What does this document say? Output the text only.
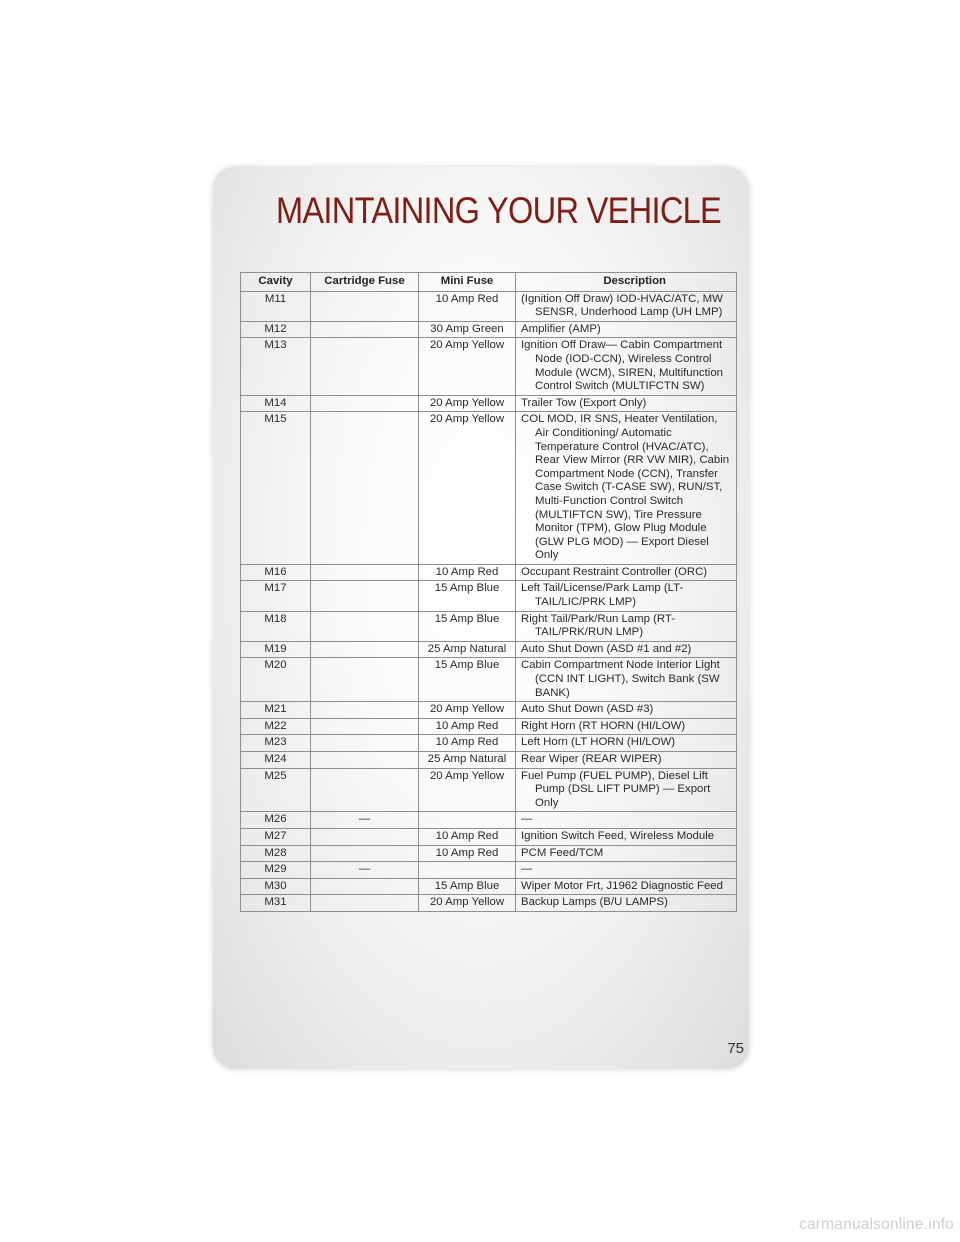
MAINTAINING YOUR VEHICLE
Cavity	Cartridge Fuse	Mini Fuse	Description
M11		10 Amp Red	(Ignition Off Draw) IOD-HVAC/ATC, MW SENSR, Underhood Lamp (UH LMP)

M12		30 Amp Green	Amplifier (AMP)

M13		20 Amp Yellow	Ignition Off Draw— Cabin Compartment Node (IOD-CCN), Wireless Control Module (WCM), SIREN, Multifunction Control Switch (MULTIFCTN SW)

M14		20 Amp Yellow	Trailer Tow (Export Only)

M15		20 Amp Yellow	COL MOD, IR SNS, Heater Ventilation, Air Conditioning/ Automatic Temperature Control (HVAC/ATC), Rear View Mirror (RR VW MIR), Cabin Compartment Node (CCN), Transfer Case Switch (T-CASE SW), RUN/ST, Multi-Function Control Switch (MULTIFTCN SW), Tire Pressure Monitor (TPM), Glow Plug Module (GLW PLG MOD) — Export Diesel Only

M16		10 Amp Red	Occupant Restraint Controller (ORC)

M17		15 Amp Blue	Left Tail/License/Park Lamp (LT-TAIL/LIC/PRK LMP)

M18		15 Amp Blue	Right Tail/Park/Run Lamp (RT-TAIL/PRK/RUN LMP)

M19		25 Amp Natural	Auto Shut Down (ASD #1 and #2)

M20		15 Amp Blue	Cabin Compartment Node Interior Light (CCN INT LIGHT), Switch Bank (SW BANK)

M21		20 Amp Yellow	Auto Shut Down (ASD #3)

M22		10 Amp Red	Right Horn (RT HORN (HI/LOW)

M23		10 Amp Red	Left Horn (LT HORN (HI/LOW)

M24		25 Amp Natural	Rear Wiper (REAR WIPER)

M25		20 Amp Yellow	Fuel Pump (FUEL PUMP), Diesel Lift Pump (DSL LIFT PUMP) — Export Only

M26	—		—

M27		10 Amp Red	Ignition Switch Feed, Wireless Module

M28		10 Amp Red	PCM Feed/TCM

M29	—		—

M30		15 Amp Blue	Wiper Motor Frt, J1962 Diagnostic Feed

M31		20 Amp Yellow	Backup Lamps (B/U LAMPS)
75
carmanualsonline.info
